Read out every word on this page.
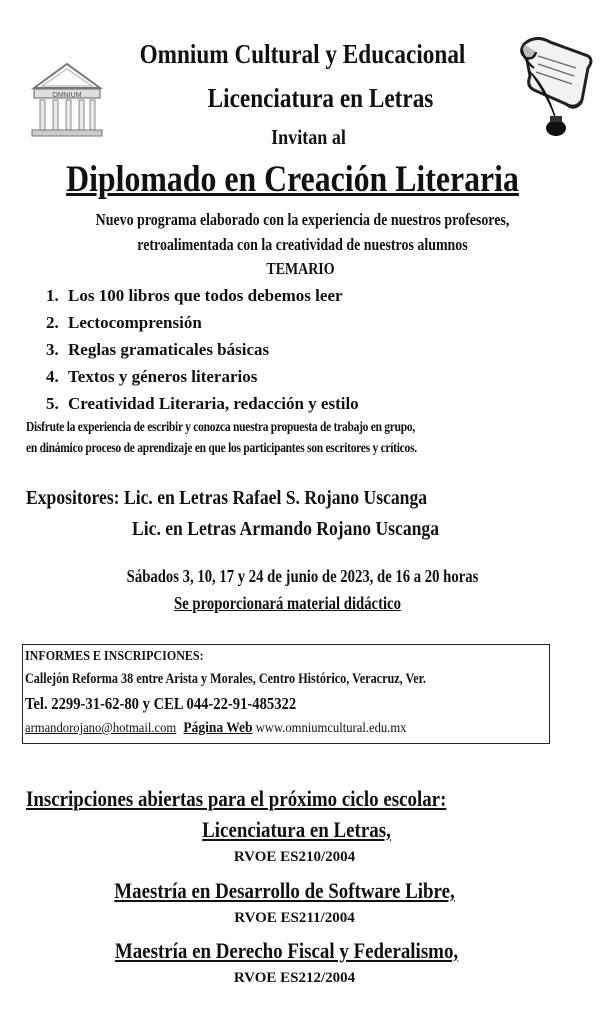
OMNIUM
Omnium Cultural y Educacional
Licenciatura en Letras
Invitan al
Diplomado en Creación Literaria
Nuevo programa elaborado con la experiencia de nuestros profesores,
retroalimentada con la creatividad de nuestros alumnos
TEMARIO
1. Los 100 libros que todos debemos leer
2. Lectocomprensión
3. Reglas gramaticales básicas
4. Textos y géneros literarios
5. Creatividad Literaria, redacción y estilo
Disfrute la experiencia de escribir y conozca nuestra propuesta de trabajo en grupo,
en dinámico proceso de aprendizaje en que los participantes son escritores y críticos.
Expositores: Lic. en Letras Rafael S. Rojano Uscanga
Lic. en Letras Armando Rojano Uscanga
Sábados 3, 10, 17 y 24 de junio de 2023, de 16 a 20 horas
Se proporcionará material didáctico
INFORMES E INSCRIPCIONES:
Callejón Reforma 38 entre Arista y Morales, Centro Histórico, Veracruz, Ver.
Tel. 2299-31-62-80 y CEL 044-22-91-485322
armandorojano@hotmail.com Página Web www.omniumcultural.edu.mx
Inscripciones abiertas para el próximo ciclo escolar:
Licenciatura en Letras,
RVOE ES210/2004
Maestría en Desarrollo de Software Libre,
RVOE ES211/2004
Maestría en Derecho Fiscal y Federalismo,
RVOE ES212/2004
